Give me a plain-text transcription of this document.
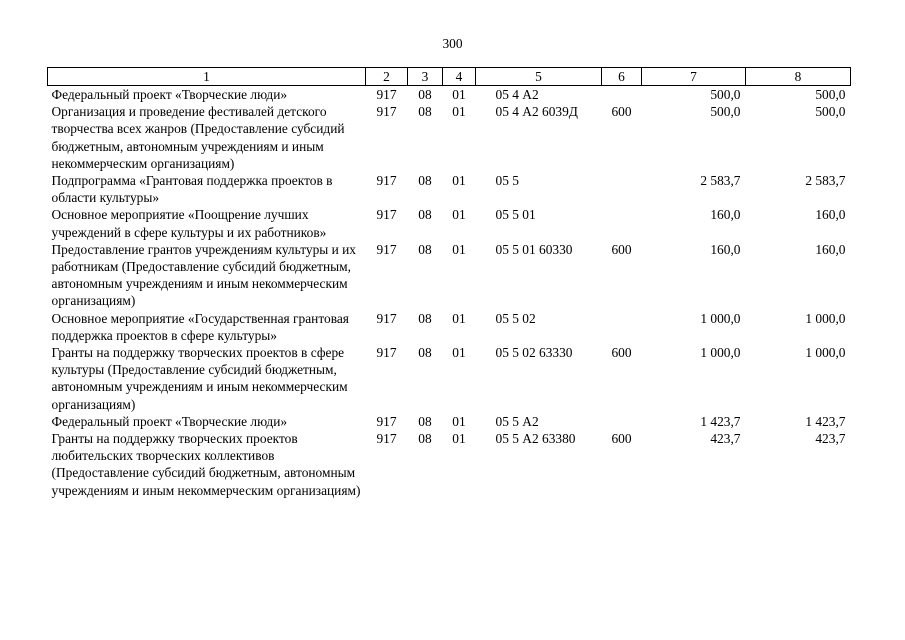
300
1	2	3	4	5	6	7	8
Федеральный проект «Творческие люди»	917	08	01	05 4 А2		500,0	500,0
Организация и проведение фестивалей детского творчества всех жанров (Предоставление субсидий бюджетным, автономным учреждениям и иным некоммерческим организациям)	917	08	01	05 4 А2 6039Д	600	500,0	500,0
Подпрограмма «Грантовая поддержка проектов в области культуры»	917	08	01	05 5		2 583,7	2 583,7
Основное мероприятие «Поощрение лучших учреждений в сфере культуры и их работников»	917	08	01	05 5 01		160,0	160,0
Предоставление грантов учреждениям культуры и их работникам (Предоставление субсидий бюджетным, автономным учреждениям и иным некоммерческим организациям)	917	08	01	05 5 01 60330	600	160,0	160,0
Основное мероприятие «Государственная грантовая поддержка проектов в сфере культуры»	917	08	01	05 5 02		1 000,0	1 000,0
Гранты на поддержку творческих проектов в сфере культуры (Предоставление субсидий бюджетным, автономным учреждениям и иным некоммерческим организациям)	917	08	01	05 5 02 63330	600	1 000,0	1 000,0
Федеральный проект «Творческие люди»	917	08	01	05 5 А2		1 423,7	1 423,7
Гранты на поддержку творческих проектов любительских творческих коллективов (Предоставление субсидий бюджетным, автономным учреждениям и иным некоммерческим организациям)	917	08	01	05 5 А2 63380	600	423,7	423,7
